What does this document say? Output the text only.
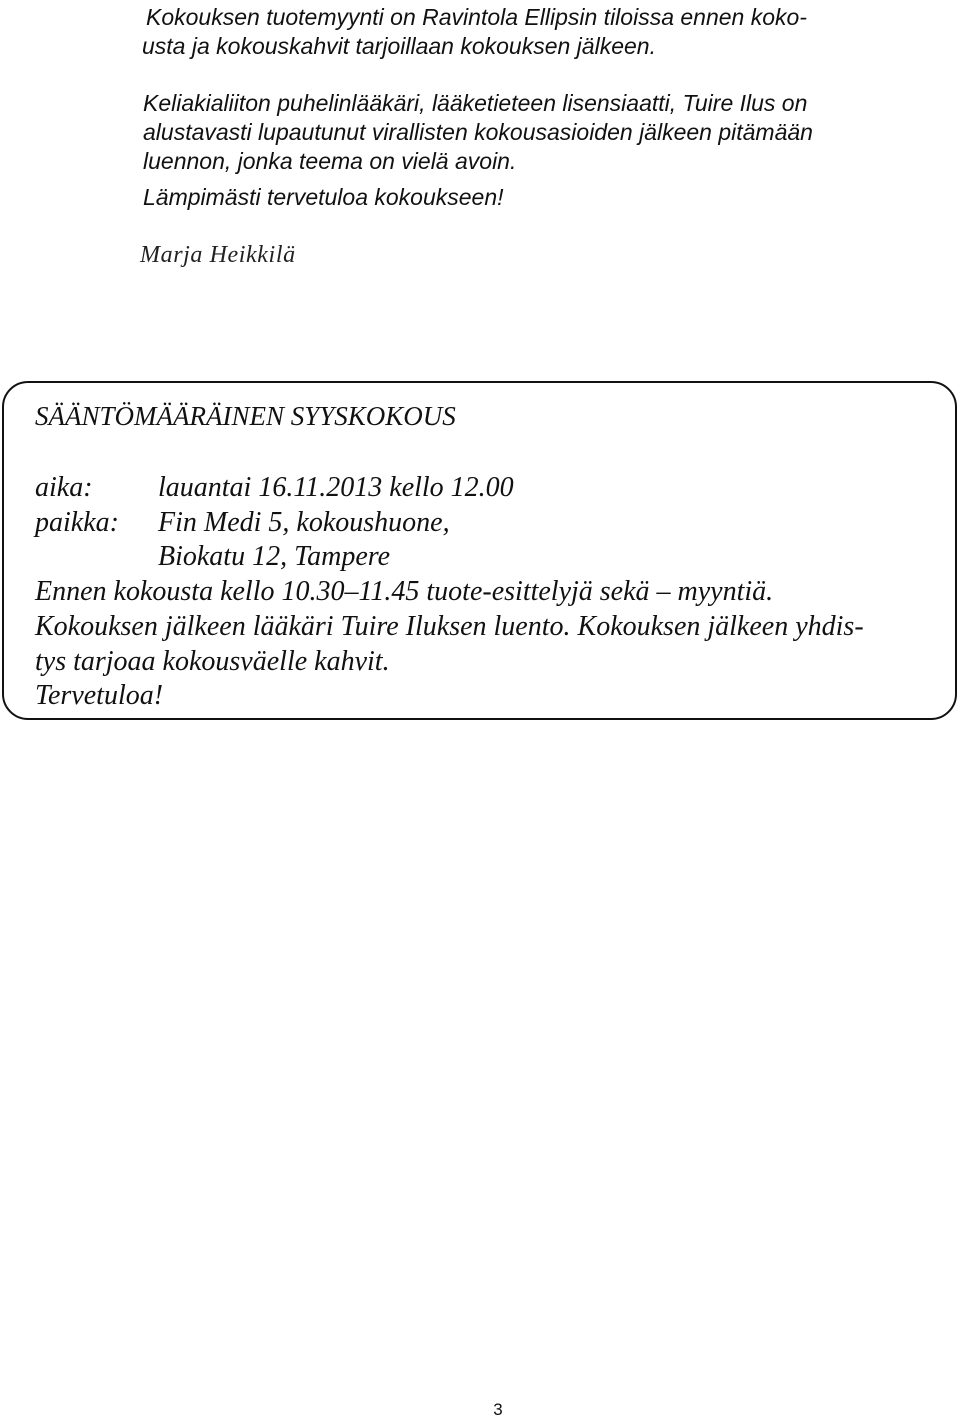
Kokouksen tuotemyynti on Ravintola Ellipsin tiloissa ennen koko-
usta ja kokouskahvit tarjoillaan kokouksen jälkeen.
Keliakialiiton puhelinlääkäri, lääketieteen lisensiaatti, Tuire Ilus on
alustavasti lupautunut virallisten kokousasioiden jälkeen pitämään
luennon, jonka teema on vielä avoin.
Lämpimästi tervetuloa kokoukseen!
Marja Heikkilä
SÄÄNTÖMÄÄRÄINEN SYYSKOKOUS
aika:	lauantai 16.11.2013 kello 12.00
paikka:	Fin Medi 5, kokoushuone,
Biokatu 12, Tampere
Ennen kokousta kello 10.30–11.45 tuote-esittelyjä sekä – myyntiä.
Kokouksen jälkeen lääkäri Tuire Iluksen luento. Kokouksen jälkeen yhdis-
tys tarjoaa kokousväelle kahvit.
Tervetuloa!
3
